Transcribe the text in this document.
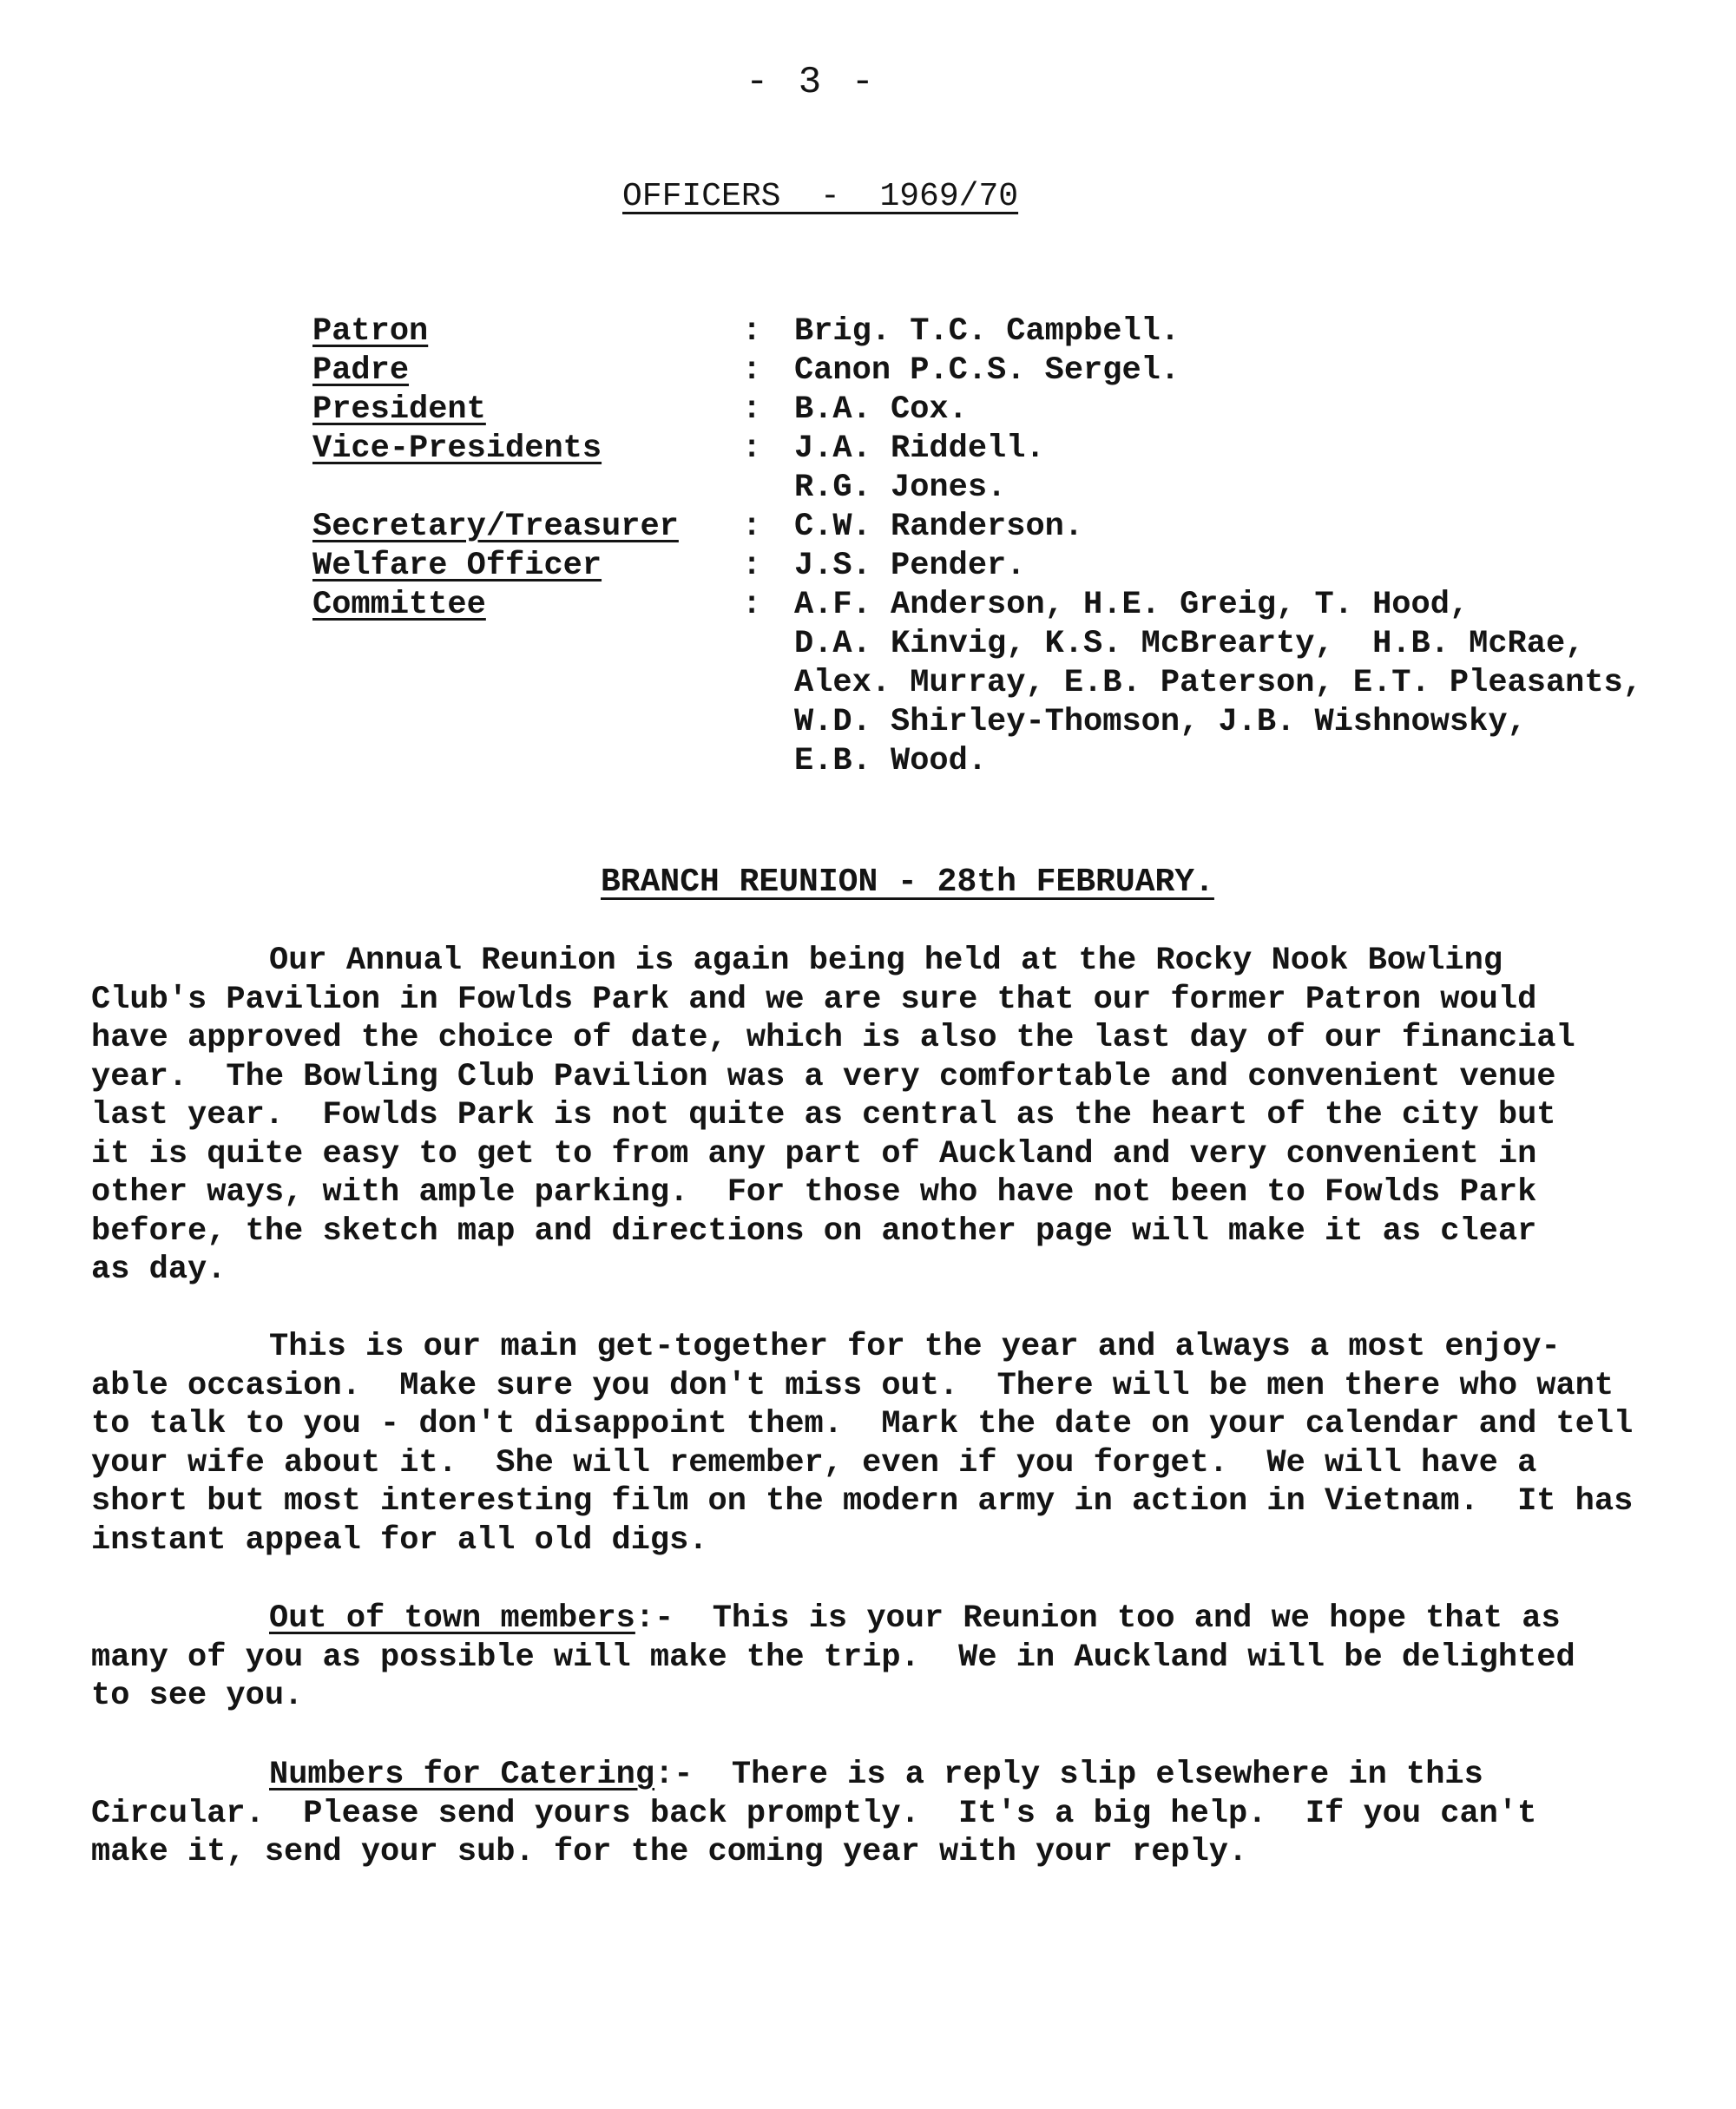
- 3 -
OFFICERS  -  1969/70
Patron	:	Brig. T.C. Campbell.
Padre	:	Canon P.C.S. Sergel.
President	:	B.A. Cox.
Vice-Presidents	:	J.A. Riddell.
R.G. Jones.
Secretary/Treasurer	:	C.W. Randerson.
Welfare Officer	:	J.S. Pender.
Committee	:	A.F. Anderson, H.E. Greig, T. Hood,
D.A. Kinvig, K.S. McBrearty,  H.B. McRae,
Alex. Murray, E.B. Paterson, E.T. Pleasants,
W.D. Shirley-Thomson, J.B. Wishnowsky,
E.B. Wood.
BRANCH REUNION - 28th FEBRUARY.
Our Annual Reunion is again being held at the Rocky Nook Bowling
Club's Pavilion in Fowlds Park and we are sure that our former Patron would
have approved the choice of date, which is also the last day of our financial
year.  The Bowling Club Pavilion was a very comfortable and convenient venue
last year.  Fowlds Park is not quite as central as the heart of the city but
it is quite easy to get to from any part of Auckland and very convenient in
other ways, with ample parking.  For those who have not been to Fowlds Park
before, the sketch map and directions on another page will make it as clear
as day.
This is our main get-together for the year and always a most enjoy-
able occasion.  Make sure you don't miss out.  There will be men there who want
to talk to you - don't disappoint them.  Mark the date on your calendar and tell
your wife about it.  She will remember, even if you forget.  We will have a
short but most interesting film on the modern army in action in Vietnam.  It has
instant appeal for all old digs.
Out of town members:-  This is your Reunion too and we hope that as
many of you as possible will make the trip.  We in Auckland will be delighted
to see you.
Numbers for Catering:-  There is a reply slip elsewhere in this
Circular.  Please send yours back promptly.  It's a big help.  If you can't
make it, send your sub. for the coming year with your reply.
